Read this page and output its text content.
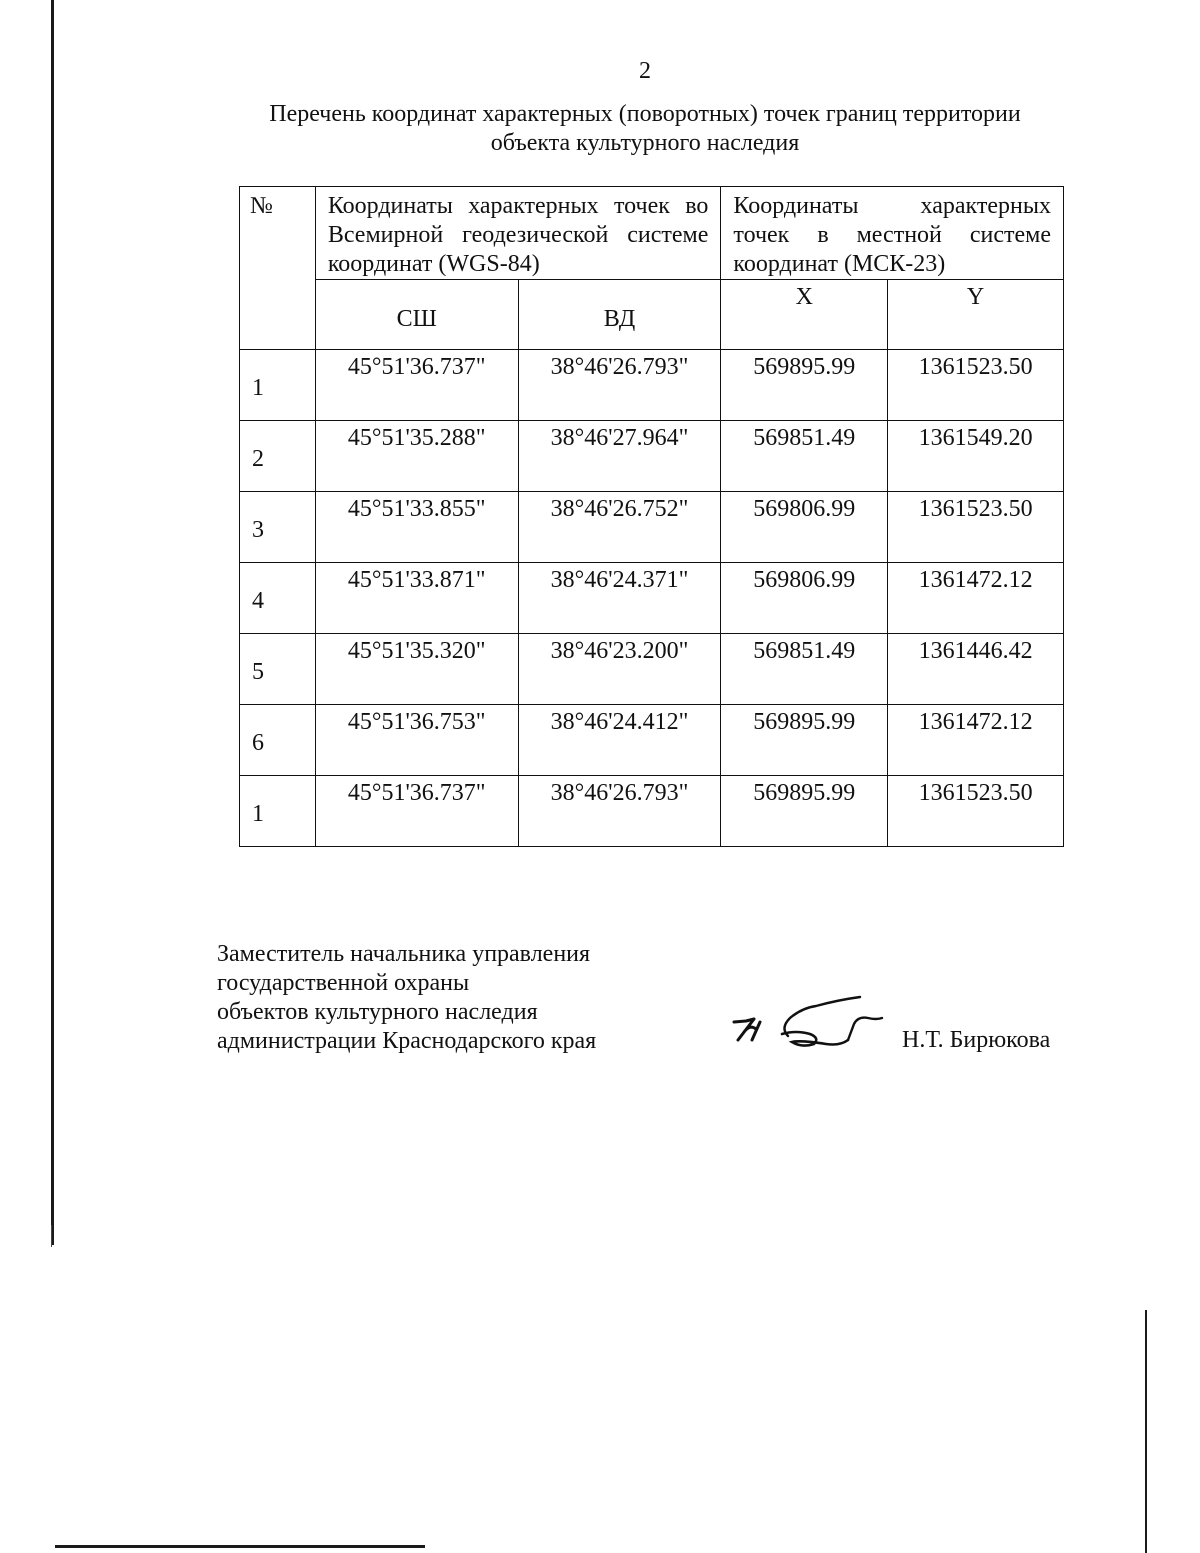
2
Перечень координат характерных (поворотных) точек границ территории
объекта культурного наследия
№	Координаты характерных точек во Всемирной геодезической системе координат (WGS-84)		Координаты характерных точек в местной системе координат (МСК-23)	
	СШ	ВД	X	Y
1	45°51'36.737"	38°46'26.793"	569895.99	1361523.50
2	45°51'35.288"	38°46'27.964"	569851.49	1361549.20
3	45°51'33.855"	38°46'26.752"	569806.99	1361523.50
4	45°51'33.871"	38°46'24.371"	569806.99	1361472.12
5	45°51'35.320"	38°46'23.200"	569851.49	1361446.42
6	45°51'36.753"	38°46'24.412"	569895.99	1361472.12
1	45°51'36.737"	38°46'26.793"	569895.99	1361523.50
Заместитель начальника управления
государственной охраны
объектов культурного наследия
администрации Краснодарского края	Н.Т. Бирюкова
